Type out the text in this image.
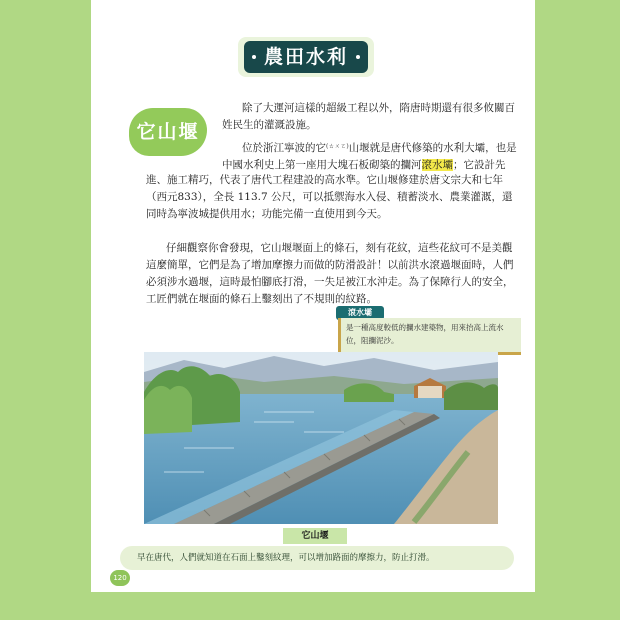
農田水利
它山堰

除了大運河這樣的超級工程以外，隋唐時期還有很多攸關百姓民生的灌溉設施。

位於浙江寧波的它$^{(ㄊㄨㄛ)}$山堰就是唐代修築的水利大壩，也是中國水利史上第一座用大塊石板砌築的攔河滾水壩；它設計先

進、施工精巧，代表了唐代工程建設的高水準。它山堰修建於唐文宗大和七年（西元833），全長 113.7 公尺，可以抵禦海水入侵、積蓄淡水、農業灌溉，還同時為寧波城提供用水；功能完備一直使用到今天。

仔細觀察你會發現，它山堰堰面上的條石，刻有花紋，這些花紋可不是美觀這麼簡單，它們是為了增加摩擦力而做的防滑設計！以前洪水滾過堰面時，人們必須涉水過堰，這時最怕腳底打滑，一失足被江水沖走。為了保障行人的安全，工匠們就在堰面的條石上鑿刻出了不規則的紋路。

滾水壩
是一種高度較低的攔水建築物，用來抬高上流水位，阻攔泥沙。
它山堰
早在唐代，人們就知道在石面上鑿刻紋理，可以增加路面的摩擦力，防止打滑。
120
